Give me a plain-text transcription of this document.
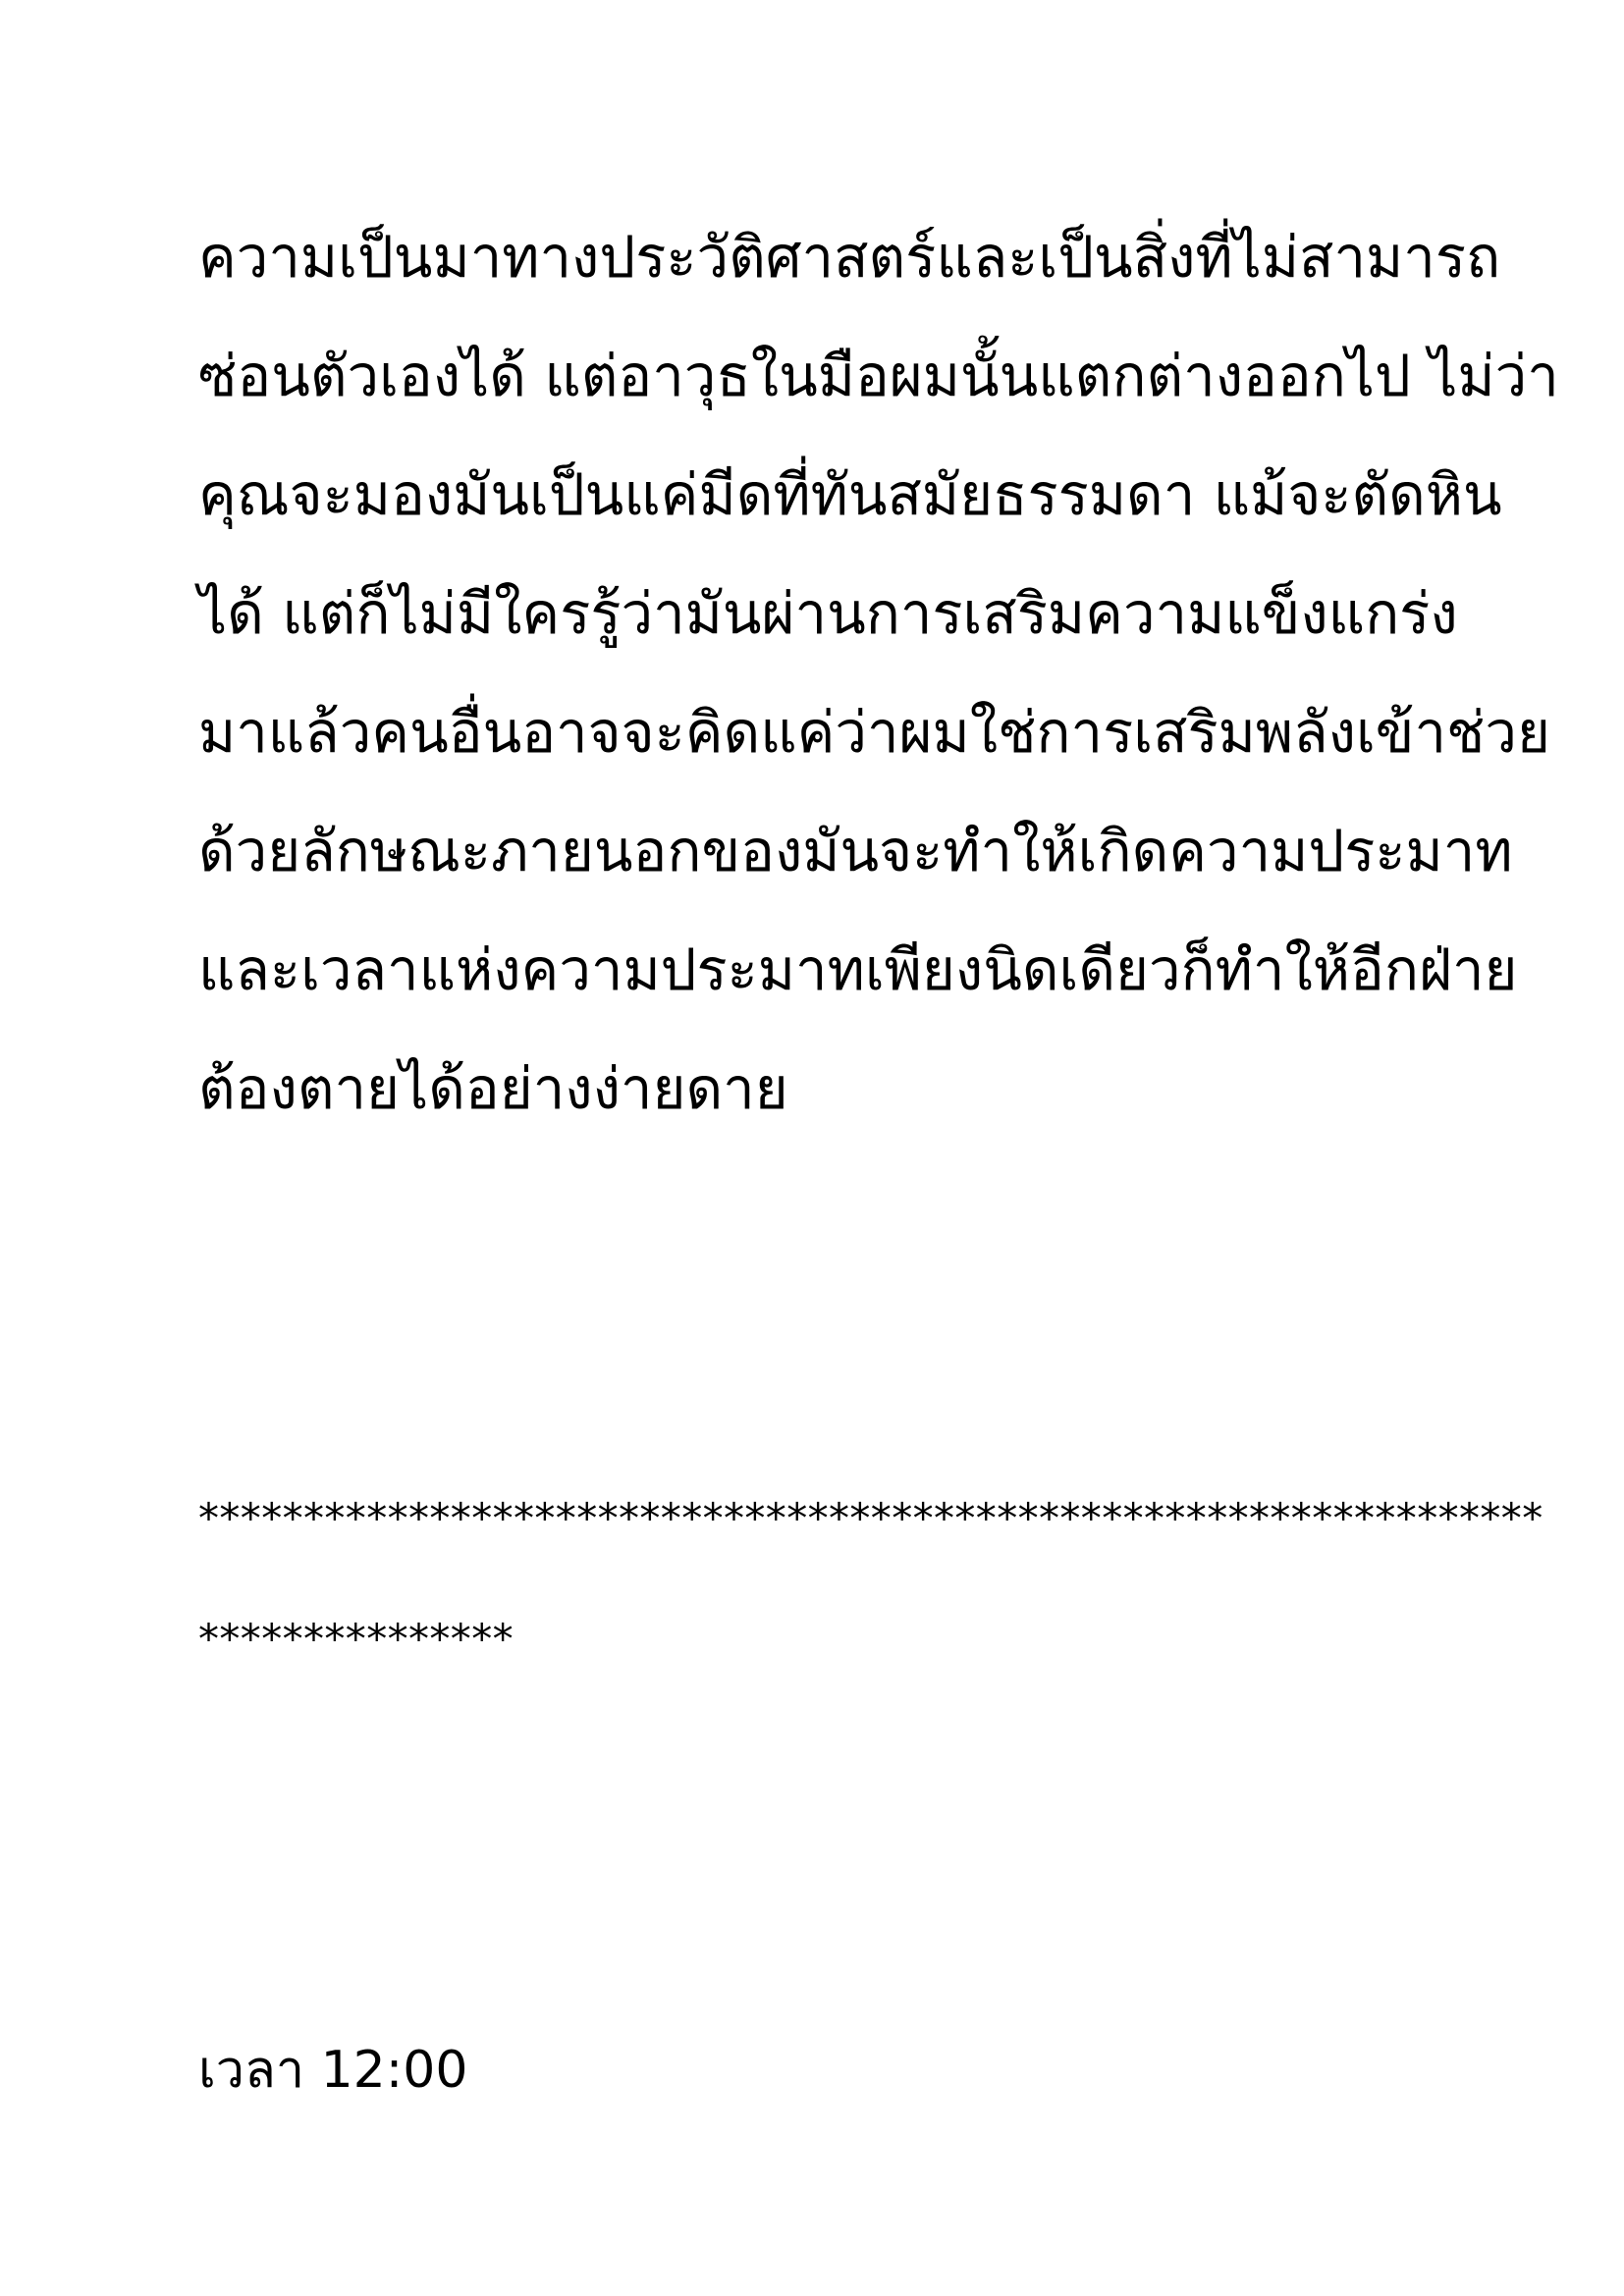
ความเป็นมาทางประวัติศาสตร์และเป็นสิ่งที่ไม่สามารถ
ซ่อนตัวเองได้ แต่อาวุธในมือผมนั้นแตกต่างออกไป ไม่ว่า
คุณจะมองมันเป็นแค่มีดที่ทันสมัยธรรมดา แม้จะตัดหิน
ได้ แต่ก็ไม่มีใครรู้ว่ามันผ่านการเสริมความแข็งแกร่ง
มาแล้วคนอื่นอาจจะคิดแค่ว่าผมใช่การเสริมพลังเข้าช่วย
ด้วยลักษณะภายนอกของมันจะทำให้เกิดความประมาท
และเวลาแห่งความประมาทเพียงนิดเดียวก็ทำให้อีกฝ่าย
ต้องตายได้อย่างง่ายดาย
****************************************************************
***************
เวลา 12:00
